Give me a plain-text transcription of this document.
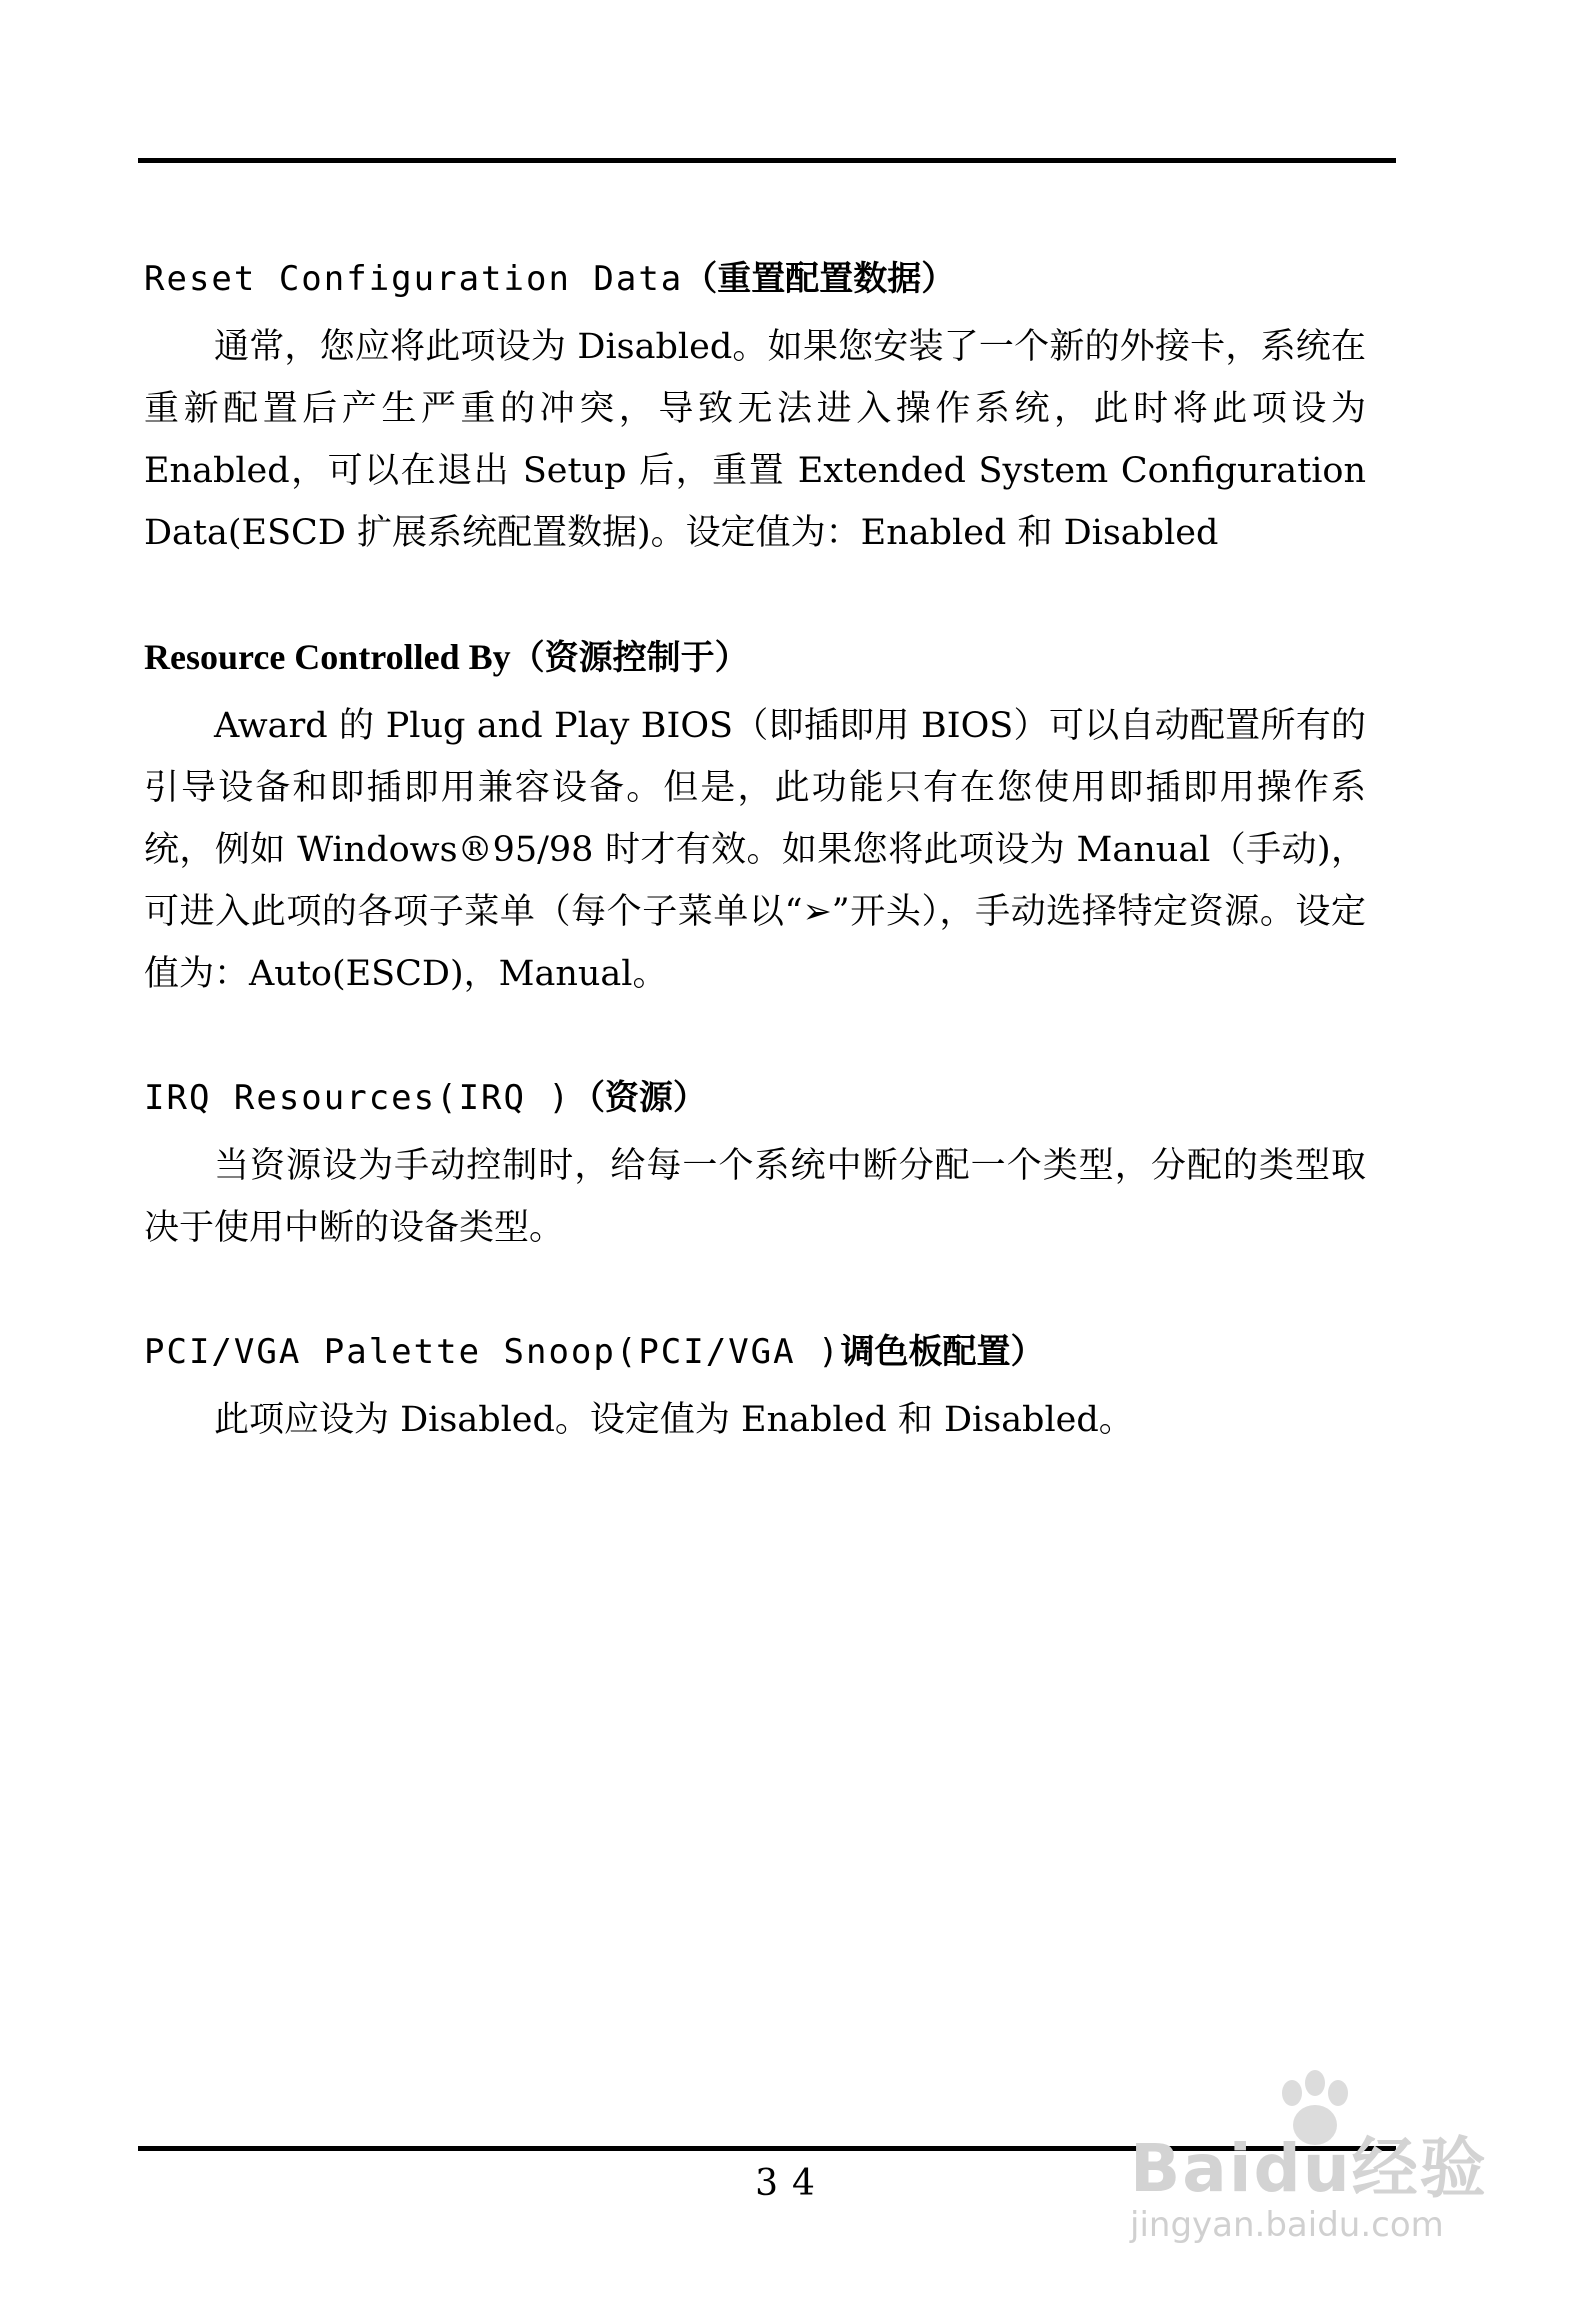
Reset Configuration Data（重置配置数据）

通常，您应将此项设为 Disabled。如果您安装了一个新的外接卡，系统在重新配置后产生严重的冲突，导致无法进入操作系统，此时将此项设为 Enabled，可以在退出 Setup 后，重置 Extended System Configuration Data(ESCD 扩展系统配置数据)。设定值为：Enabled 和 Disabled

Resource Controlled By（资源控制于）

Award 的 Plug and Play BIOS（即插即用 BIOS）可以自动配置所有的引导设备和即插即用兼容设备。但是，此功能只有在您使用即插即用操作系统，例如 Windows®95/98 时才有效。如果您将此项设为 Manual（手动)，可进入此项的各项子菜单（每个子菜单以“➢”开头），手动选择特定资源。设定值为：Auto(ESCD)，Manual。

IRQ Resources(IRQ )（资源）

当资源设为手动控制时，给每一个系统中断分配一个类型，分配的类型取决于使用中断的设备类型。

PCI/VGA Palette Snoop(PCI/VGA )调色板配置）

此项应设为 Disabled。设定值为 Enabled 和 Disabled。

34	Baidu经验
jingyan.baidu.com
